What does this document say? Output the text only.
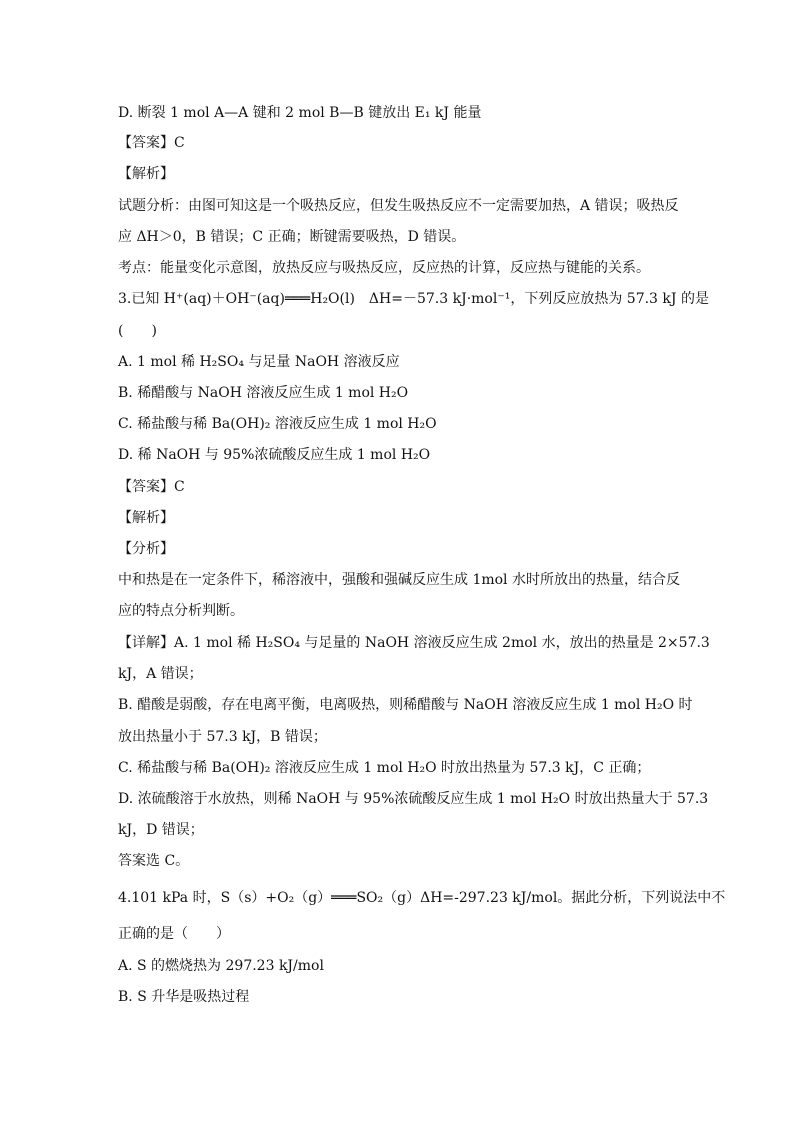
D. 断裂 1 mol A—A 键和 2 mol B—B 键放出 E₁ kJ 能量
【答案】C
【解析】
试题分析：由图可知这是一个吸热反应，但发生吸热反应不一定需要加热，A 错误；吸热反
应 ΔH＞0，B 错误；C 正确；断键需要吸热，D 错误。
考点：能量变化示意图，放热反应与吸热反应，反应热的计算，反应热与键能的关系。
3.已知 H⁺(aq)＋OH⁻(aq)═══H₂O(l)　ΔH=－57.3 kJ·mol⁻¹，下列反应放热为 57.3 kJ 的是
(　　)
A. 1 mol 稀 H₂SO₄ 与足量 NaOH 溶液反应
B. 稀醋酸与 NaOH 溶液反应生成 1 mol H₂O
C. 稀盐酸与稀 Ba(OH)₂ 溶液反应生成 1 mol H₂O
D. 稀 NaOH 与 95%浓硫酸反应生成 1 mol H₂O
【答案】C
【解析】
【分析】
中和热是在一定条件下，稀溶液中，强酸和强碱反应生成 1mol 水时所放出的热量，结合反
应的特点分析判断。
【详解】A. 1 mol 稀 H₂SO₄ 与足量的 NaOH 溶液反应生成 2mol 水，放出的热量是 2×57.3
kJ，A 错误；
B. 醋酸是弱酸，存在电离平衡，电离吸热，则稀醋酸与 NaOH 溶液反应生成 1 mol H₂O 时
放出热量小于 57.3 kJ，B 错误；
C. 稀盐酸与稀 Ba(OH)₂ 溶液反应生成 1 mol H₂O 时放出热量为 57.3 kJ，C 正确；
D. 浓硫酸溶于水放热，则稀 NaOH 与 95%浓硫酸反应生成 1 mol H₂O 时放出热量大于 57.3
kJ，D 错误；
答案选 C。
4.101 kPa 时，S（s）+O₂（g）═══SO₂（g）ΔH=-297.23 kJ/mol。据此分析，下列说法中不
正确的是（　　）
A. S 的燃烧热为 297.23 kJ/mol
B. S 升华是吸热过程
